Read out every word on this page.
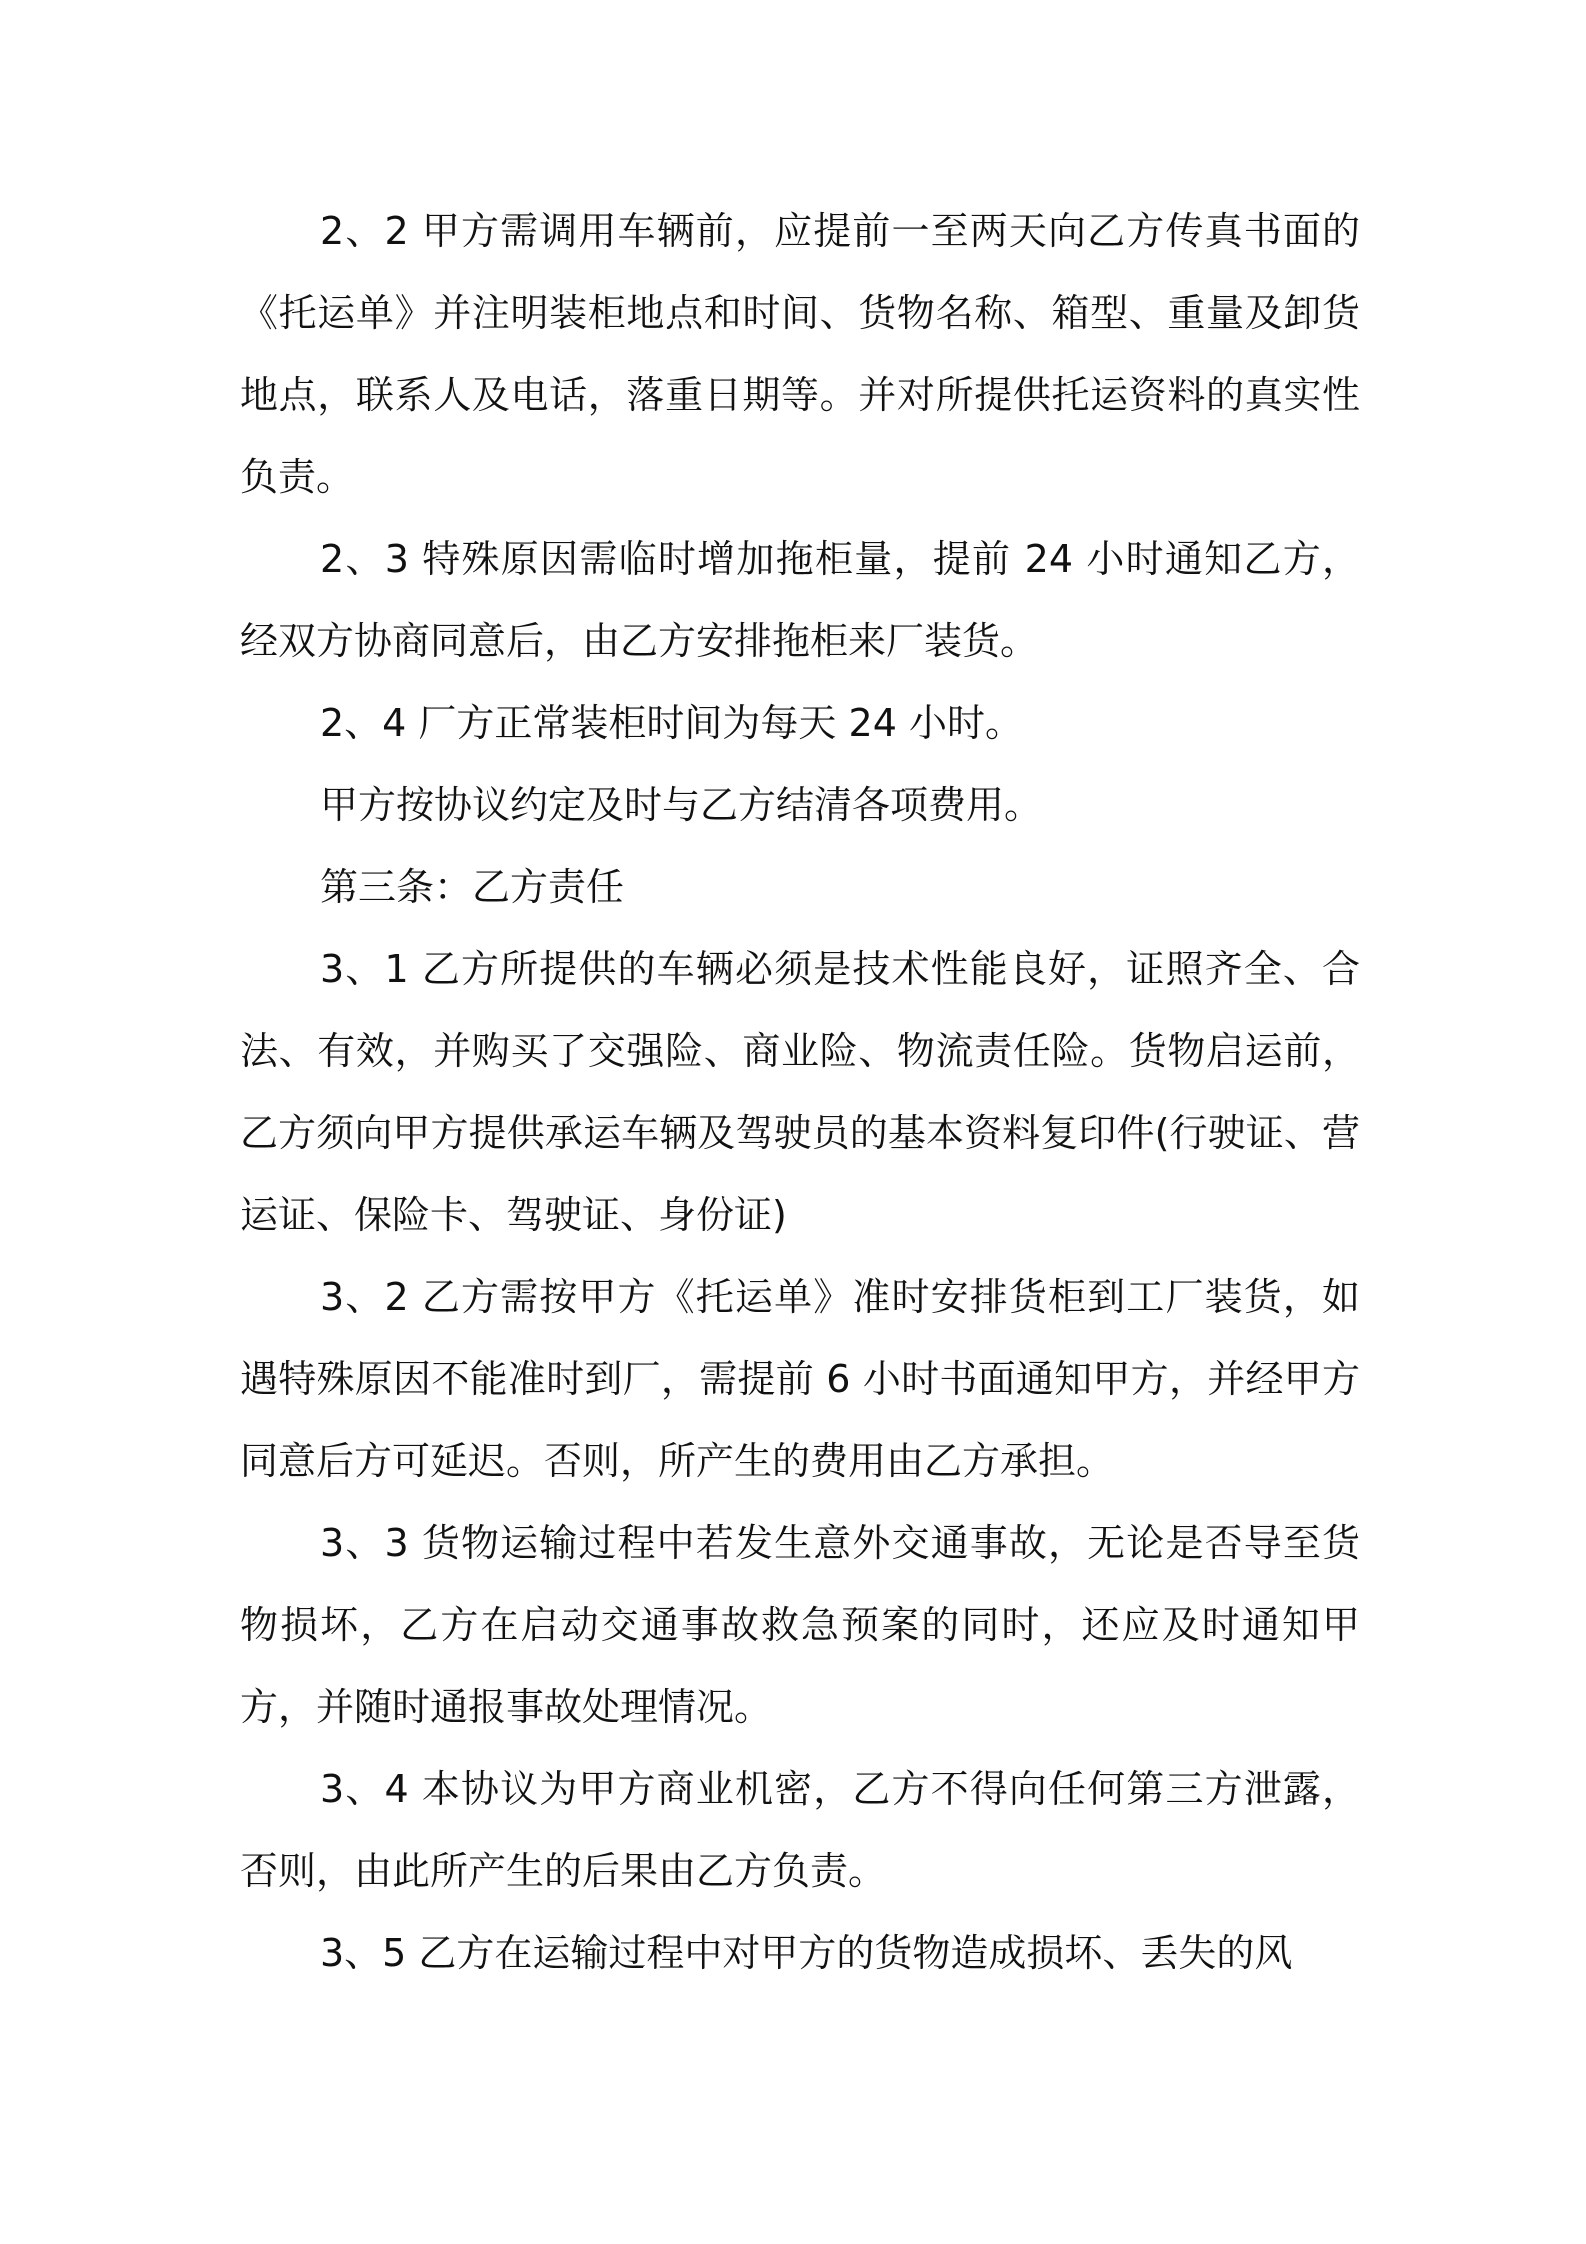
2、2 甲方需调用车辆前，应提前一至两天向乙方传真书面的《托运单》并注明装柜地点和时间、货物名称、箱型、重量及卸货地点，联系人及电话，落重日期等。并对所提供托运资料的真实性负责。

2、3 特殊原因需临时增加拖柜量，提前 24 小时通知乙方，经双方协商同意后，由乙方安排拖柜来厂装货。

2、4 厂方正常装柜时间为每天 24 小时。

甲方按协议约定及时与乙方结清各项费用。

第三条：乙方责任

3、1 乙方所提供的车辆必须是技术性能良好，证照齐全、合法、有效，并购买了交强险、商业险、物流责任险。货物启运前，乙方须向甲方提供承运车辆及驾驶员的基本资料复印件(行驶证、营运证、保险卡、驾驶证、身份证)

3、2 乙方需按甲方《托运单》准时安排货柜到工厂装货，如遇特殊原因不能准时到厂，需提前 6 小时书面通知甲方，并经甲方同意后方可延迟。否则，所产生的费用由乙方承担。

3、3 货物运输过程中若发生意外交通事故，无论是否导至货物损坏，乙方在启动交通事故救急预案的同时，还应及时通知甲方，并随时通报事故处理情况。

3、4 本协议为甲方商业机密，乙方不得向任何第三方泄露，否则，由此所产生的后果由乙方负责。

3、5 乙方在运输过程中对甲方的货物造成损坏、丢失的风
